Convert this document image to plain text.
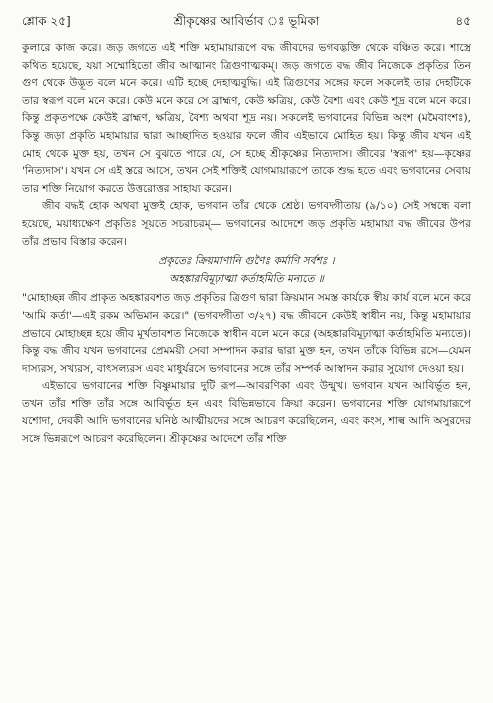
শ্লোক ২৫]	শ্রীকৃষ্ণের আবির্ভাব ঃ ভূমিকা	৪৫

কুলারে কাজ করে। জড় জগতে এই শক্তি মহামায়ারূপে বদ্ধ জীবদের ভগবদ্ভক্তি থেকে বঞ্চিত করে। শাস্ত্রে কথিত হয়েছে, যয়া সম্মোহিতো জীব আত্মানং ত্রিগুণাত্মকম্। জড় জগতে বদ্ধ জীব নিজেকে প্রকৃতির তিন গুণ থেকে উদ্ভূত বলে মনে করে। এটি হচ্ছে দেহাত্মবুদ্ধি। এই ত্রিগুণের সঙ্গের ফলে সকলেই তার দেহটিকে তার স্বরূপ বলে মনে করে। কেউ মনে করে সে ব্রাহ্মণ, কেউ ক্ষত্রিয়, কেউ বৈশ্য এবং কেউ শূদ্র বলে মনে করে। কিন্তু প্রকৃতপক্ষে কেউই ব্রাহ্মণ, ক্ষত্রিয়, বৈশ্য অথবা শূদ্র নয়। সকলেই ভগবানের বিভিন্ন অংশ (মমৈবাংশঃ), কিন্তু জড়া প্রকৃতি মহামায়ার দ্বারা আচ্ছাদিত হওয়ার ফলে জীব এইভাবে মোহিত হয়। কিন্তু জীব যখন এই মোহ থেকে মুক্ত হয়, তখন সে বুঝতে পারে যে, সে হচ্ছে শ্রীকৃষ্ণের নিত্যদাস। জীবের 'স্বরূপ' হয়—কৃষ্ণের 'নিত্যদাস'। যখন সে এই স্তরে আসে, তখন সেই শক্তিই যোগমায়ারূপে তাকে শুদ্ধ হতে এবং ভগবানের সেবায় তার শক্তি নিয়োগ করতে উত্তরোত্তর সাহায্য করেন।

জীব বদ্ধই হোক অথবা মুক্তই হোক, ভগবান তাঁর থেকে শ্রেষ্ঠ। ভগবদ্গীতায় (৯/১০) সেই সম্বন্ধে বলা হয়েছে, ময়াধ্যক্ষেণ প্রকৃতিঃ সূয়তে সচরাচরম্— ভগবানের আদেশে জড় প্রকৃতি মহামায়া বদ্ধ জীবের উপর তাঁর প্রভাব বিস্তার করেন।

প্রকৃতেঃ ক্রিয়মাণানি গুণৈঃ কর্মাণি সর্বশঃ ।
অহঙ্কারবিমূঢ়াত্মা কর্তাহমিতি মন্যতে ॥

"মোহাচ্ছন্ন জীব প্রাকৃত অহঙ্কারবশত জড় প্রকৃতির ত্রিগুণ দ্বারা ক্রিয়মান সমস্ত কার্যকে স্বীয় কার্য বলে মনে করে 'আমি কর্তা'—এই রকম অভিমান করে।" (ভগবদ্গীতা ৩/২৭) বদ্ধ জীবনে কেউই স্বাধীন নয়, কিন্তু মহামায়ার প্রভাবে মোহাচ্ছন্ন হয়ে জীব মূর্খতাবশত নিজেকে স্বাধীন বলে মনে করে (অহঙ্কারবিমূঢ়াত্মা কর্তাহমিতি মন্যতে)। কিন্তু বদ্ধ জীব যখন ভগবানের প্রেমময়ী সেবা সম্পাদন করার দ্বারা মুক্ত হন, তখন তাঁকে বিভিন্ন রসে—যেমন দাস্যরস, সখ্যরস, বাৎসল্যরস এবং মাধুর্যরসে ভগবানের সঙ্গে তাঁর সম্পর্ক আস্বাদন করার সুযোগ দেওয়া হয়।

এইভাবে ভগবানের শক্তি বিষ্ণুমায়ার দুটি রূপ—আবরণিকা এবং উন্মুখ। ভগবান যখন আবির্ভূত হন, তখন তাঁর শক্তি তাঁর সঙ্গে আবির্ভূত হন এবং বিভিন্নভাবে ক্রিয়া করেন। ভগবানের শক্তি যোগমায়ারূপে যশোদা, দেবকী আদি ভগবানের ঘনিষ্ঠ আত্মীয়দের সঙ্গে আচরণ করেছিলেন, এবং কংস, শাল্ব আদি অসুরদের সঙ্গে ভিন্নরূপে আচরণ করেছিলেন। শ্রীকৃষ্ণের আদেশে তাঁর শক্তি
